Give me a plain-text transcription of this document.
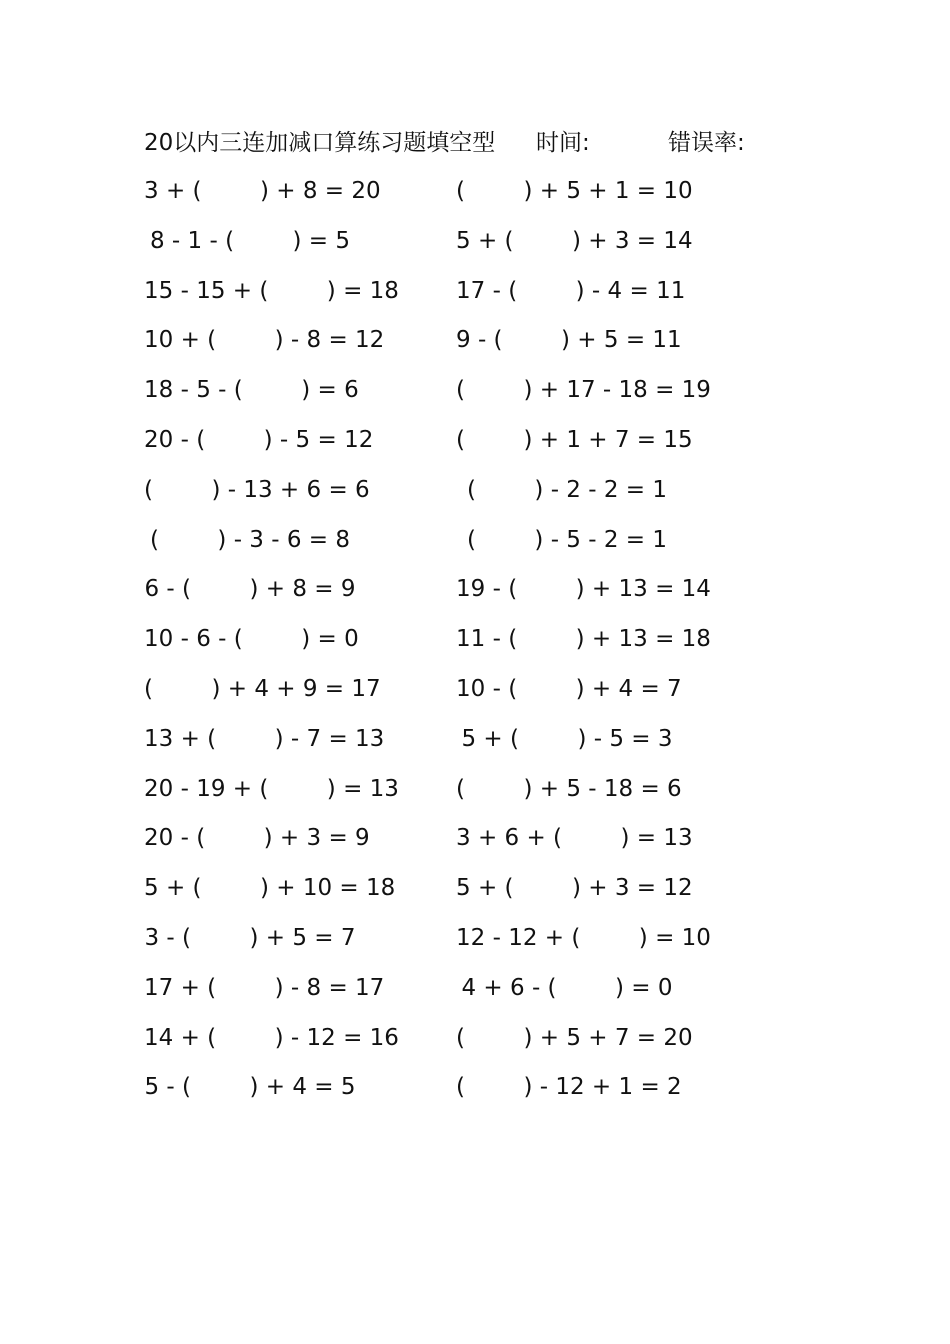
20以内三连加减口算练习题填空型 时间:	错误率:
3 + (        ) + 8 = 20
8 - 1 - (        ) = 5
15 - 15 + (        ) = 18
10 + (        ) - 8 = 12
18 - 5 - (        ) = 6
20 - (        ) - 5 = 12
(        ) - 13 + 6 = 6
(        ) - 3 - 6 = 8
6 - (        ) + 8 = 9
10 - 6 - (        ) = 0
(        ) + 4 + 9 = 17
13 + (        ) - 7 = 13
20 - 19 + (        ) = 13
20 - (        ) + 3 = 9
5 + (        ) + 10 = 18
3 - (        ) + 5 = 7
17 + (        ) - 8 = 17
14 + (        ) - 12 = 16
5 - (        ) + 4 = 5
(        ) + 5 + 1 = 10
5 + (        ) + 3 = 14
17 - (        ) - 4 = 11
9 - (        ) + 5 = 11
(        ) + 17 - 18 = 19
(        ) + 1 + 7 = 15
(        ) - 2 - 2 = 1
(        ) - 5 - 2 = 1
19 - (        ) + 13 = 14
11 - (        ) + 13 = 18
10 - (        ) + 4 = 7
5 + (        ) - 5 = 3
(        ) + 5 - 18 = 6
3 + 6 + (        ) = 13
5 + (        ) + 3 = 12
12 - 12 + (        ) = 10
4 + 6 - (        ) = 0
(        ) + 5 + 7 = 20
(        ) - 12 + 1 = 2
